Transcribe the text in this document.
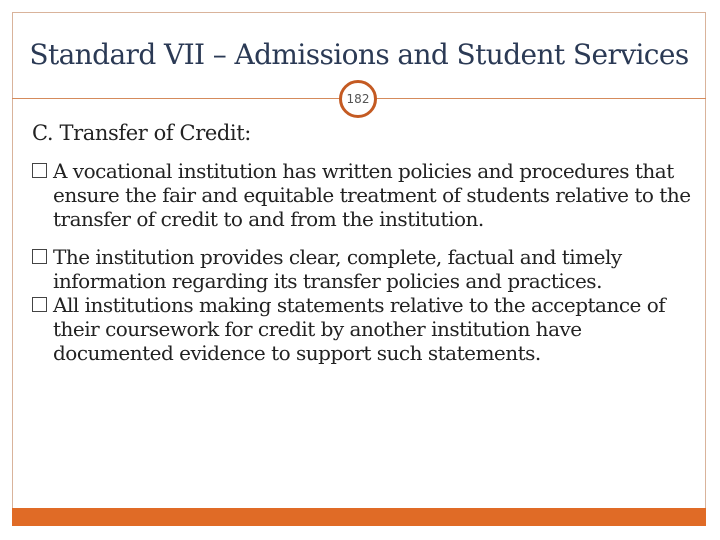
Standard VII – Admissions and Student Services
182
C. Transfer of Credit:
A vocational institution has written policies and procedures that ensure the fair and equitable treatment of students relative to the transfer of credit to and from the institution.
The institution provides clear, complete, factual and timely information regarding its transfer policies and practices.
All institutions making statements relative to the acceptance of their coursework for credit by another institution have documented evidence to support such statements.
